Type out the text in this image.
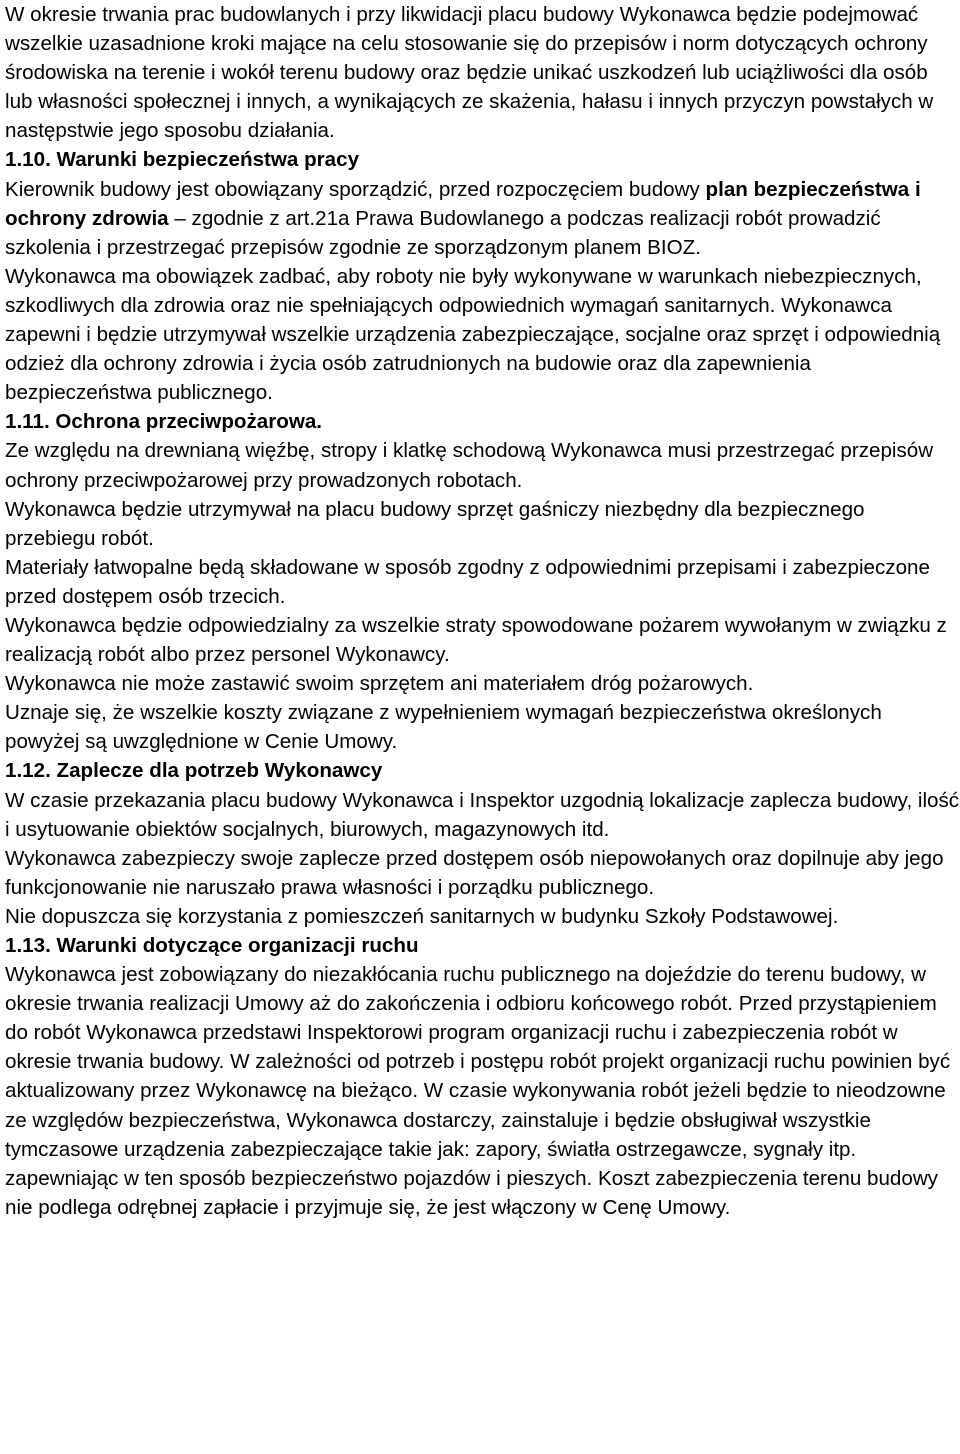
W okresie trwania prac budowlanych i przy likwidacji placu budowy Wykonawca będzie podejmować wszelkie uzasadnione kroki mające na celu stosowanie się do przepisów i norm dotyczących ochrony środowiska na terenie i wokół terenu budowy oraz będzie unikać uszkodzeń lub uciążliwości dla osób lub własności społecznej i innych, a wynikających ze skażenia, hałasu i innych przyczyn powstałych w następstwie jego sposobu działania.

1.10. Warunki bezpieczeństwa pracy

Kierownik budowy jest obowiązany sporządzić, przed rozpoczęciem budowy plan bezpieczeństwa i ochrony zdrowia – zgodnie z art.21a Prawa Budowlanego a podczas realizacji robót prowadzić szkolenia i przestrzegać przepisów zgodnie ze sporządzonym planem BIOZ.

Wykonawca ma obowiązek zadbać, aby roboty nie były wykonywane w warunkach niebezpiecznych, szkodliwych dla zdrowia oraz nie spełniających odpowiednich wymagań sanitarnych. Wykonawca zapewni i będzie utrzymywał wszelkie urządzenia zabezpieczające, socjalne oraz sprzęt i odpowiednią odzież dla ochrony zdrowia i życia osób zatrudnionych na budowie oraz dla zapewnienia bezpieczeństwa publicznego.

1.11. Ochrona przeciwpożarowa.

Ze względu na drewnianą więźbę, stropy i klatkę schodową Wykonawca musi przestrzegać przepisów ochrony przeciwpożarowej przy prowadzonych robotach.

Wykonawca będzie utrzymywał na placu budowy sprzęt gaśniczy niezbędny dla bezpiecznego przebiegu robót.

Materiały łatwopalne będą składowane w sposób zgodny z odpowiednimi przepisami i zabezpieczone przed dostępem osób trzecich.

Wykonawca będzie odpowiedzialny za wszelkie straty spowodowane pożarem wywołanym w związku z realizacją robót albo przez personel Wykonawcy.

Wykonawca nie może zastawić swoim sprzętem ani materiałem dróg pożarowych.

Uznaje się, że wszelkie koszty związane z wypełnieniem wymagań bezpieczeństwa określonych powyżej są uwzględnione w Cenie Umowy.

1.12. Zaplecze dla potrzeb Wykonawcy

W czasie przekazania placu budowy Wykonawca i Inspektor uzgodnią lokalizacje zaplecza budowy, ilość i usytuowanie obiektów socjalnych, biurowych, magazynowych itd.

Wykonawca zabezpieczy swoje zaplecze przed dostępem osób niepowołanych oraz dopilnuje aby jego funkcjonowanie nie naruszało prawa własności i porządku publicznego.

Nie dopuszcza się korzystania z pomieszczeń sanitarnych w budynku Szkoły Podstawowej.

1.13. Warunki dotyczące organizacji ruchu

Wykonawca jest zobowiązany do niezakłócania ruchu publicznego na dojeździe do terenu budowy, w okresie trwania realizacji Umowy aż do zakończenia i odbioru końcowego robót. Przed przystąpieniem do robót Wykonawca przedstawi Inspektorowi program organizacji ruchu i zabezpieczenia robót w okresie trwania budowy. W zależności od potrzeb i postępu robót projekt organizacji ruchu powinien być aktualizowany przez Wykonawcę na bieżąco. W czasie wykonywania robót jeżeli będzie to nieodzowne ze względów bezpieczeństwa, Wykonawca dostarczy, zainstaluje i będzie obsługiwał wszystkie tymczasowe urządzenia zabezpieczające takie jak: zapory, światła ostrzegawcze, sygnały itp. zapewniając w ten sposób bezpieczeństwo pojazdów i pieszych. Koszt zabezpieczenia terenu budowy nie podlega odrębnej zapłacie i przyjmuje się, że jest włączony w Cenę Umowy.
